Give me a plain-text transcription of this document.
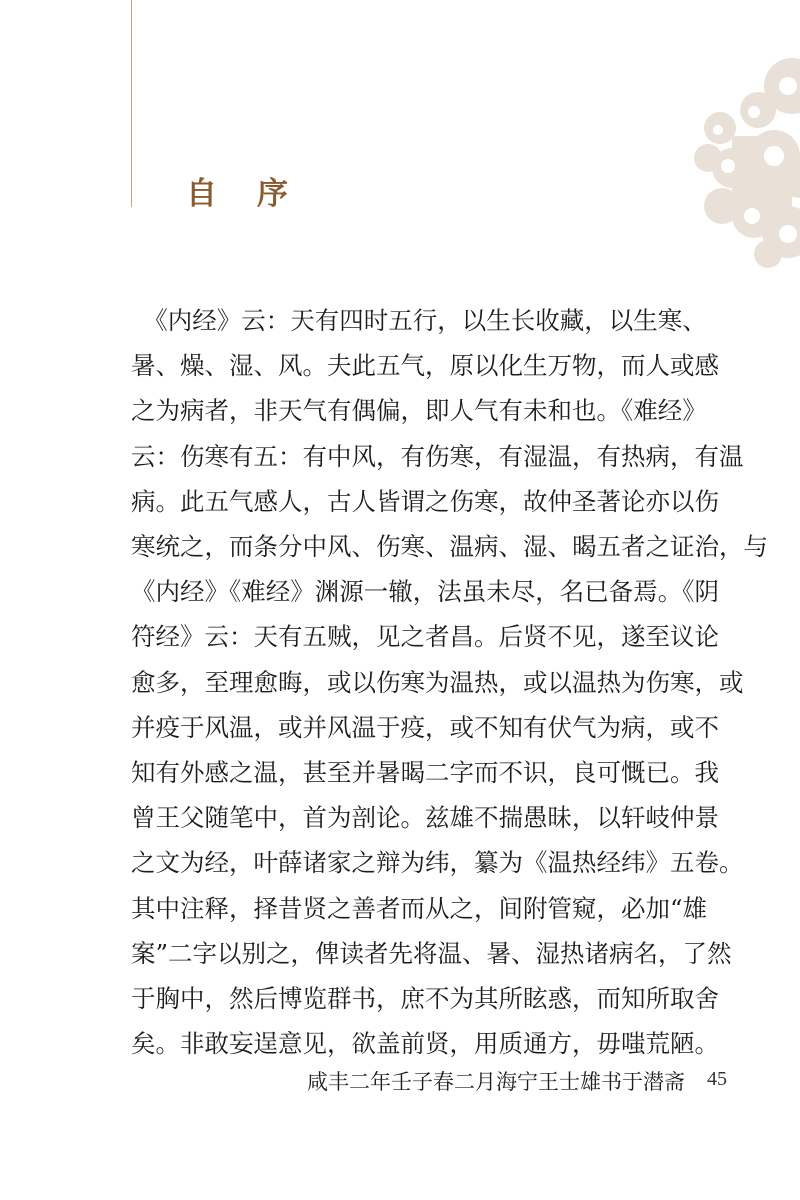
自 序
　《内经》云：天有四时五行，以生长收藏，以生寒、
暑、燥、湿、风。夫此五气，原以化生万物，而人或感
之为病者，非天气有偶偏，即人气有未和也。《难经》
云：伤寒有五：有中风，有伤寒，有湿温，有热病，有温
病。此五气感人，古人皆谓之伤寒，故仲圣著论亦以伤
寒统之，而条分中风、伤寒、温病、湿、暍五者之证治，与
《内经》《难经》渊源一辙，法虽未尽，名已备焉。《阴
符经》云：天有五贼，见之者昌。后贤不见，遂至议论
愈多，至理愈晦，或以伤寒为温热，或以温热为伤寒，或
并疫于风温，或并风温于疫，或不知有伏气为病，或不
知有外感之温，甚至并暑暍二字而不识，良可慨已。我
曾王父随笔中，首为剖论。兹雄不揣愚昧，以轩岐仲景
之文为经，叶薛诸家之辩为纬，纂为《温热经纬》五卷。
其中注释，择昔贤之善者而从之，间附管窥，必加“雄
案”二字以别之，俾读者先将温、暑、湿热诸病名，了然
于胸中，然后博览群书，庶不为其所眩惑，而知所取舍
矣。非敢妄逞意见，欲盖前贤，用质通方，毋嗤荒陋。
咸丰二年壬子春二月海宁王士雄书于潜斋 45
